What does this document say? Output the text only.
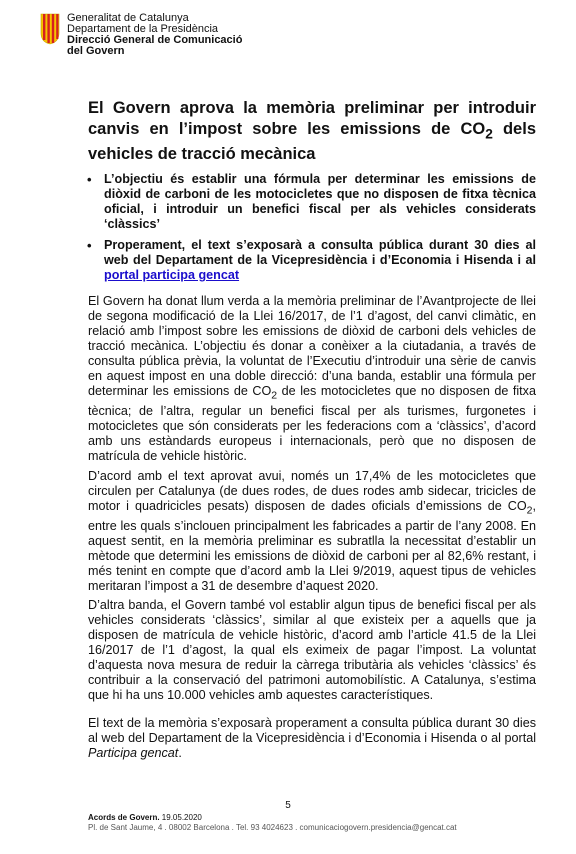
Generalitat de Catalunya
Departament de la Presidència
Direcció General de Comunicació
del Govern
El Govern aprova la memòria preliminar per introduir canvis en l’impost sobre les emissions de $CO_2$ dels vehicles de tracció mecànica
• L’objectiu és establir una fórmula per determinar les emissions de diòxid de carboni de les motocicletes que no disposen de fitxa tècnica oficial, i introduir un benefici fiscal per als vehicles considerats ‘clàssics’
• Properament, el text s’exposarà a consulta pública durant 30 dies al web del Departament de la Vicepresidència i d’Economia i Hisenda i al portal participa gencat

El Govern ha donat llum verda a la memòria preliminar de l’Avantprojecte de llei de segona modificació de la Llei 16/2017, de l’1 d’agost, del canvi climàtic, en relació amb l’impost sobre les emissions de diòxid de carboni dels vehicles de tracció mecànica. L’objectiu és donar a conèixer a la ciutadania, a través de consulta pública prèvia, la voluntat de l’Executiu d’introduir una sèrie de canvis en aquest impost en una doble direcció: d’una banda, establir una fórmula per determinar les emissions de $CO_2$ de les motocicletes que no disposen de fitxa tècnica; de l’altra, regular un benefici fiscal per als turismes, furgonetes i motocicletes que són considerats per les federacions com a ‘clàssics’, d’acord amb uns estàndards europeus i internacionals, però que no disposen de matrícula de vehicle històric.

D’acord amb el text aprovat avui, només un 17,4% de les motocicletes que circulen per Catalunya (de dues rodes, de dues rodes amb sidecar, tricicles de motor i quadricicles pesats) disposen de dades oficials d’emissions de $CO_2$, entre les quals s’inclouen principalment les fabricades a partir de l’any 2008. En aquest sentit, en la memòria preliminar es subratlla la necessitat d’establir un mètode que determini les emissions de diòxid de carboni per al 82,6% restant, i més tenint en compte que d’acord amb la Llei 9/2019, aquest tipus de vehicles meritaran l’impost a 31 de desembre d’aquest 2020.

D’altra banda, el Govern també vol establir algun tipus de benefici fiscal per als vehicles considerats ‘clàssics’, similar al que existeix per a aquells que ja disposen de matrícula de vehicle històric, d’acord amb l’article 41.5 de la Llei 16/2017 de l’1 d’agost, la qual els eximeix de pagar l’impost. La voluntat d’aquesta nova mesura de reduir la càrrega tributària als vehicles ‘clàssics’ és contribuir a la conservació del patrimoni automobilístic. A Catalunya, s’estima que hi ha uns 10.000 vehicles amb aquestes característiques.

El text de la memòria s’exposarà properament a consulta pública durant 30 dies al web del Departament de la Vicepresidència i d’Economia i Hisenda o al portal Participa gencat.

5
Acords de Govern. 19.05.2020
Pl. de Sant Jaume, 4 . 08002 Barcelona . Tel. 93 4024623 . comunicaciogovern.presidencia@gencat.cat
